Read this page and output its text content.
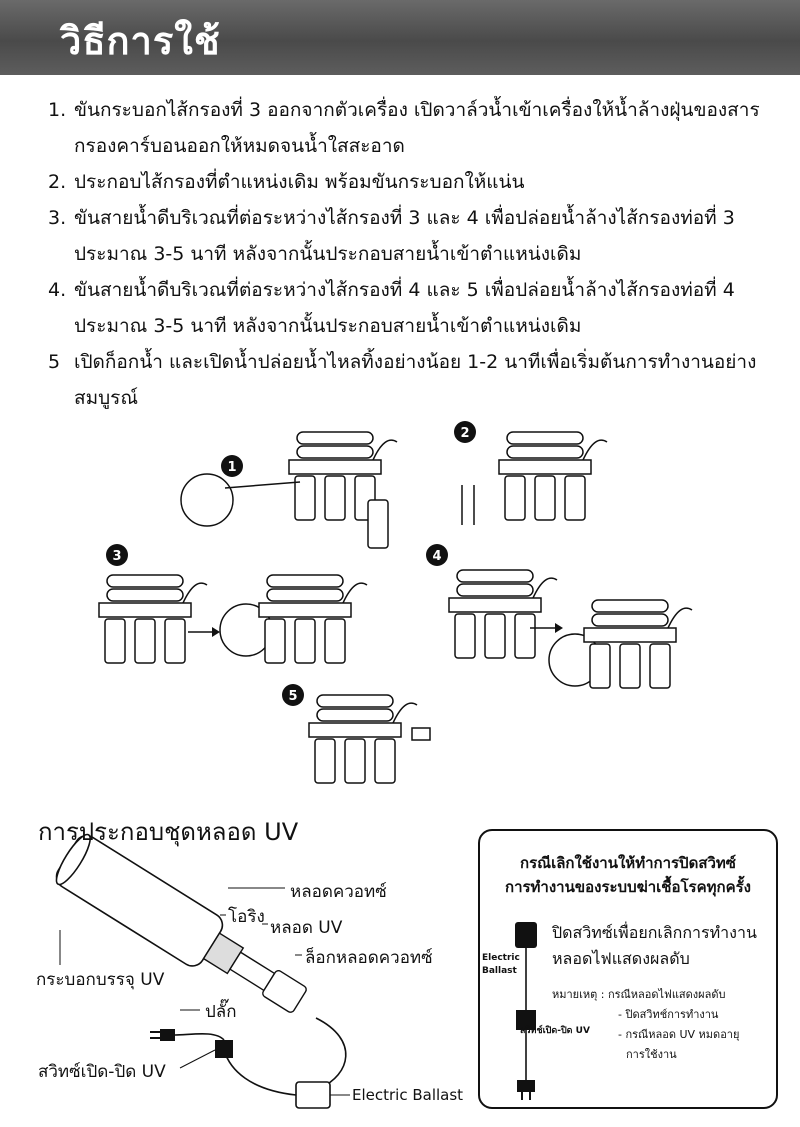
วิธีการใช้
1. ขันกระบอกไส้กรองที่ 3 ออกจากตัวเครื่อง เปิดวาล์วน้ำเข้าเครื่องให้น้ำล้างฝุ่นของสารกรองคาร์บอนออกให้หมดจนน้ำใสสะอาด
2. ประกอบไส้กรองที่ตำแหน่งเดิม พร้อมขันกระบอกให้แน่น
3. ขันสายน้ำดีบริเวณที่ต่อระหว่างไส้กรองที่ 3 และ 4 เพื่อปล่อยน้ำล้างไส้กรองท่อที่ 3 ประมาณ 3-5 นาที หลังจากนั้นประกอบสายน้ำเข้าตำแหน่งเดิม
4. ขันสายน้ำดีบริเวณที่ต่อระหว่างไส้กรองที่ 4 และ 5 เพื่อปล่อยน้ำล้างไส้กรองท่อที่ 4 ประมาณ 3-5 นาที หลังจากนั้นประกอบสายน้ำเข้าตำแหน่งเดิม
5 เปิดก็อกน้ำ และเปิดน้ำปล่อยน้ำไหลทิ้งอย่างน้อย 1-2 นาทีเพื่อเริ่มต้นการทำงานอย่างสมบูรณ์
1
2
3	4
5
การประกอบชุดหลอด UV
หลอดควอทซ์
โอริง
หลอด UV
ล็อกหลอดควอทซ์
กระบอกบรรจุ UV
ปลั๊ก
สวิทซ์เปิด-ปิด UV
Electric Ballast
กรณีเลิกใช้งานให้ทำการปิดสวิทซ์
การทำงานของระบบฆ่าเชื้อโรคทุกครั้ง
Electric Ballast
ปิดสวิทซ์เพื่อยกเลิกการทำงาน
หลอดไฟแสดงผลดับ
หมายเหตุ : กรณีหลอดไฟแสดงผลดับ
- ปิดสวิทช์การทำงาน
- กรณีหลอด UV หมดอายุ
การใช้งาน
สวิทช์เปิด-ปิด UV
